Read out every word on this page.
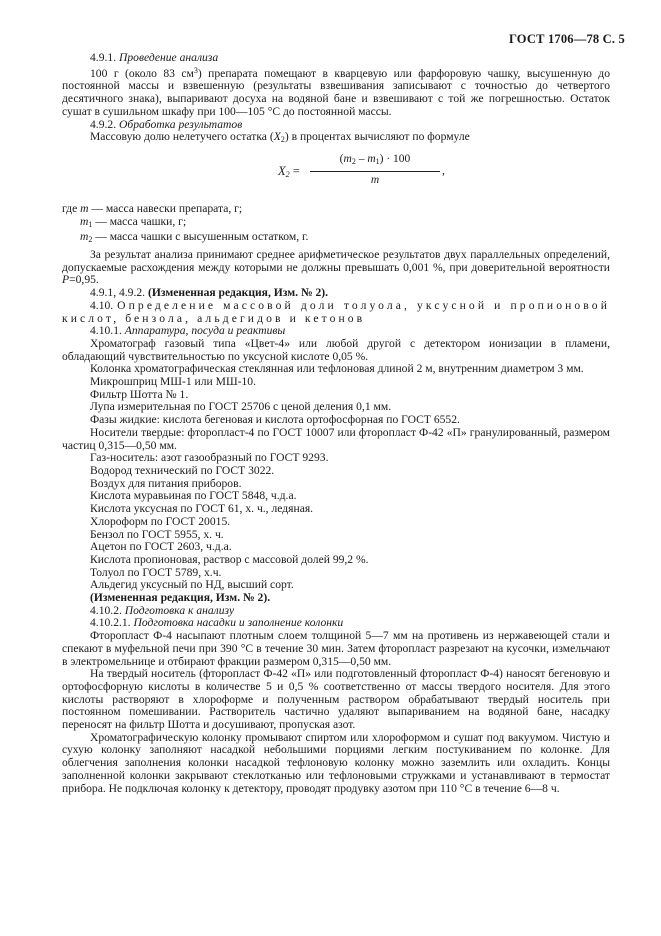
ГОСТ 1706—78 С. 5

4.9.1. Проведение анализа

100 г (около 83 $см^3$) препарата помещают в кварцевую или фарфоровую чашку, высушенную до постоянной массы и взвешенную (результаты взвешивания записывают с точностью до четвертого десятичного знака), выпаривают досуха на водяной бане и взвешивают с той же погрешностью. Остаток сушат в сушильном шкафу при 100—105 °С до постоянной массы.

4.9.2. Обработка результатов

Массовую долю нелетучего остатка $(X_2)$ в процентах вычисляют по формуле

$X_2 = \frac{(m_2 - m_1) \cdot 100}{m}$ ,
где m — масса навески препарата, г;
$m_1$ — масса чашки, г;
$m_2$ — масса чашки с высушенным остатком, г.

За результат анализа принимают среднее арифметическое результатов двух параллельных определений, допускаемые расхождения между которыми не должны превышать 0,001 %, при доверительной вероятности Р=0,95.

4.9.1, 4.9.2. (Измененная редакция, Изм. № 2).

4.10. Определение массовой доли толуола, уксусной и пропионовой кислот, бензола, альдегидов и кетонов

4.10.1. Аппаратура, посуда и реактивы

Хроматограф газовый типа «Цвет-4» или любой другой с детектором ионизации в пламени, обладающий чувствительностью по уксусной кислоте 0,05 %.

Колонка хроматографическая стеклянная или тефлоновая длиной 2 м, внутренним диаметром 3 мм.

Микрошприц МШ-1 или МШ-10.

Фильтр Шотта № 1.

Лупа измерительная по ГОСТ 25706 с ценой деления 0,1 мм.

Фазы жидкие: кислота бегеновая и кислота ортофосфорная по ГОСТ 6552.

Носители твердые: фторопласт-4 по ГОСТ 10007 или фторопласт Ф-42 «П» гранулированный, размером частиц 0,315—0,50 мм.

Газ-носитель: азот газообразный по ГОСТ 9293.

Водород технический по ГОСТ 3022.

Воздух для питания приборов.

Кислота муравьиная по ГОСТ 5848, ч.д.а.

Кислота уксусная по ГОСТ 61, х. ч., ледяная.

Хлороформ по ГОСТ 20015.

Бензол по ГОСТ 5955, х. ч.

Ацетон по ГОСТ 2603, ч.д.а.

Кислота пропионовая, раствор с массовой долей 99,2 %.

Толуол по ГОСТ 5789, х.ч.

Альдегид уксусный по НД, высший сорт.

(Измененная редакция, Изм. № 2).

4.10.2. Подготовка к анализу

4.10.2.1. Подготовка насадки и заполнение колонки

Фторопласт Ф-4 насыпают плотным слоем толщиной 5—7 мм на противень из нержавеющей стали и спекают в муфельной печи при 390 °С в течение 30 мин. Затем фторопласт разрезают на кусочки, измельчают в электромельнице и отбирают фракции размером 0,315—0,50 мм.

На твердый носитель (фторопласт Ф-42 «П» или подготовленный фторопласт Ф-4) наносят бегеновую и ортофосфорную кислоты в количестве 5 и 0,5 % соответственно от массы твердого носителя. Для этого кислоты растворяют в хлороформе и полученным раствором обрабатывают твердый носитель при постоянном помешивании. Растворитель частично удаляют выпариванием на водяной бане, насадку переносят на фильтр Шотта и досушивают, пропуская азот.

Хроматографическую колонку промывают спиртом или хлороформом и сушат под вакуумом. Чистую и сухую колонку заполняют насадкой небольшими порциями легким постукиванием по колонке. Для облегчения заполнения колонки насадкой тефлоновую колонку можно заземлить или охладить. Концы заполненной колонки закрывают стеклотканью или тефлоновыми стружками и устанавливают в термостат прибора. Не подключая колонку к детектору, проводят продувку азотом при 110 °С в течение 6—8 ч.
